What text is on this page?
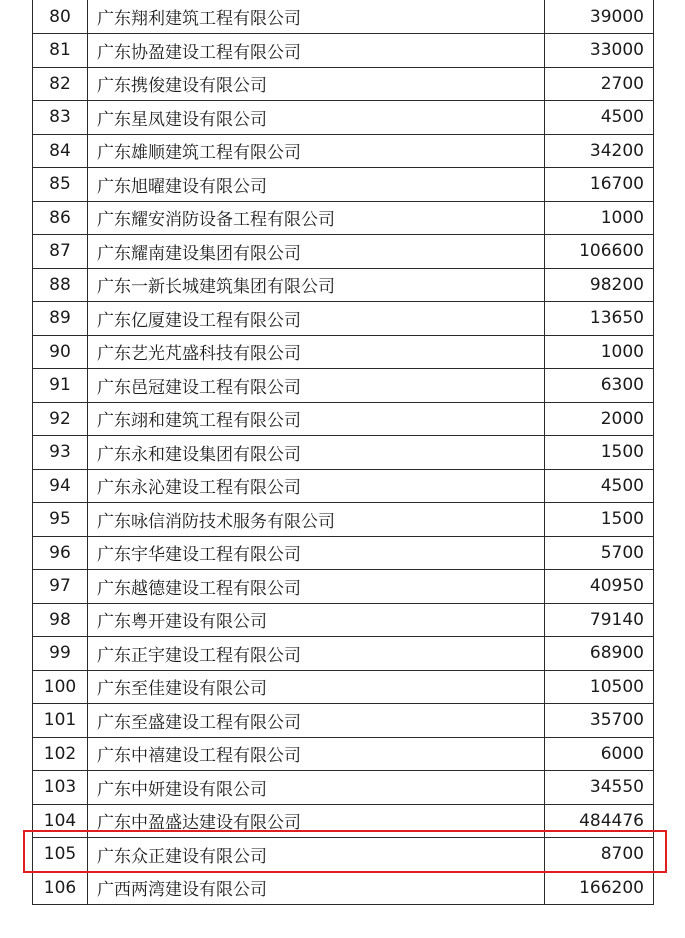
80	广东翔利建筑工程有限公司	39000
81	广东协盈建设工程有限公司	33000
82	广东携俊建设有限公司	2700
83	广东星凤建设有限公司	4500
84	广东雄顺建筑工程有限公司	34200
85	广东旭曜建设有限公司	16700
86	广东耀安消防设备工程有限公司	1000
87	广东耀南建设集团有限公司	106600
88	广东一新长城建筑集团有限公司	98200
89	广东亿厦建设工程有限公司	13650
90	广东艺光芃盛科技有限公司	1000
91	广东邑冠建设工程有限公司	6300
92	广东翊和建筑工程有限公司	2000
93	广东永和建设集团有限公司	1500
94	广东永沁建设工程有限公司	4500
95	广东咏信消防技术服务有限公司	1500
96	广东宇华建设工程有限公司	5700
97	广东越德建设工程有限公司	40950
98	广东粤开建设有限公司	79140
99	广东正宇建设工程有限公司	68900
100	广东至佳建设有限公司	10500
101	广东至盛建设工程有限公司	35700
102	广东中禧建设工程有限公司	6000
103	广东中妍建设有限公司	34550
104	广东中盈盛达建设有限公司	484476
105	广东众正建设有限公司	8700
106	广西两湾建设有限公司	166200
